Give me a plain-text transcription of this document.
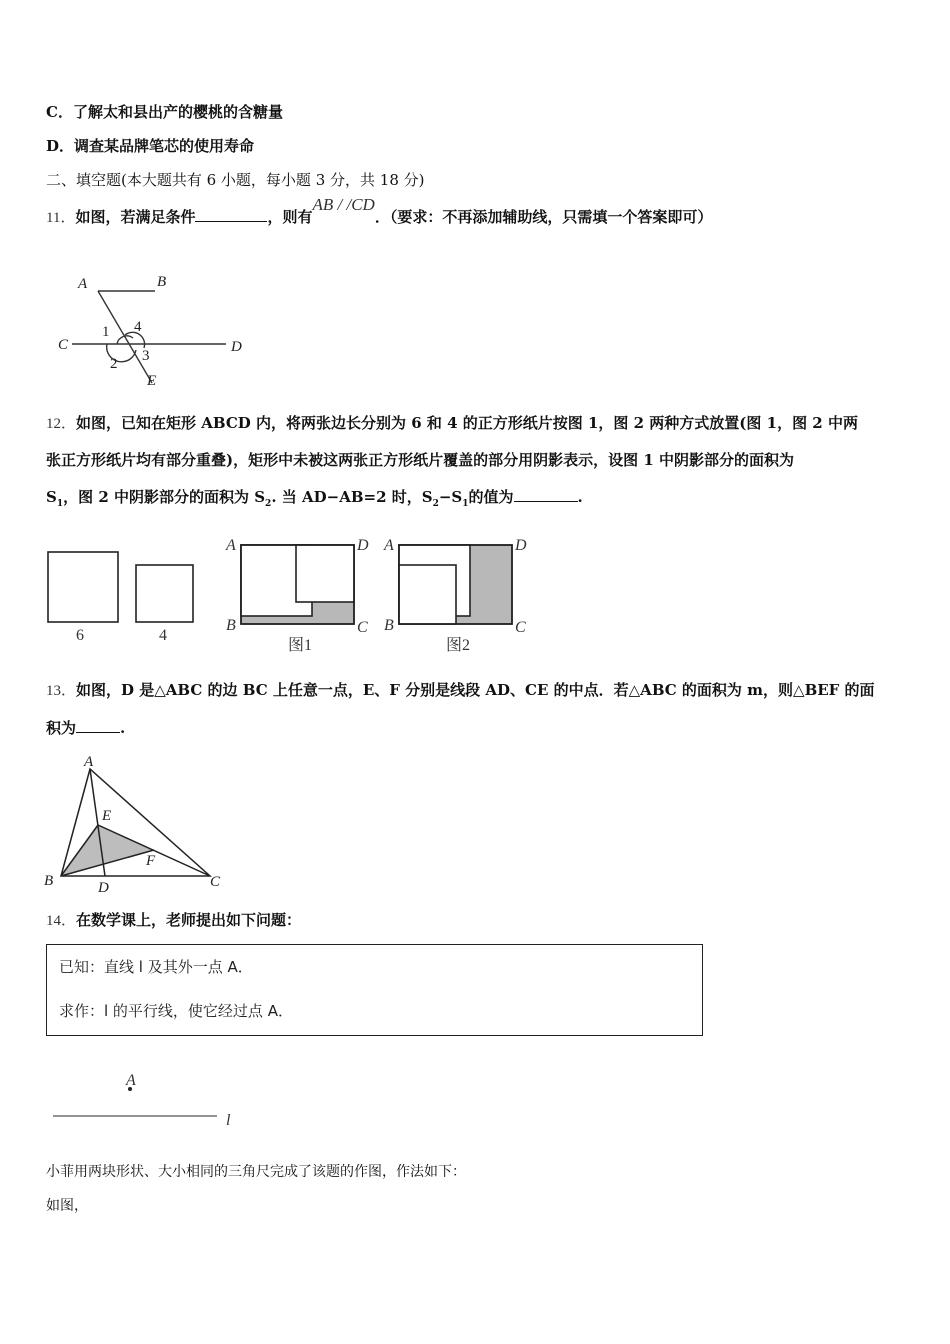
C．了解太和县出产的樱桃的含糖量
D．调查某品牌笔芯的使用寿命
二、填空题(本大题共有 6 小题，每小题 3 分，共 18 分)
11．如图，若满足条件	，则有AB / /CD．（要求：不再添加辅助线，只需填一个答案即可）
A	B
C	D
E
1 4
2 3
12．如图，已知在矩形 ABCD 内，将两张边长分别为 6 和 4 的正方形纸片按图 1，图 2 两种方式放置(图 1，图 2 中两
张正方形纸片均有部分重叠)，矩形中未被这两张正方形纸片覆盖的部分用阴影表示，设图 1 中阴影部分的面积为
$S_1$，图 2 中阴影部分的面积为 $S_2$. 当 AD−AB=2 时，$S_2-S_1$的值为	.
6	4
A	D
B	C
A	D
B	C
图1	图2
13．如图，D 是△ABC 的边 BC 上任意一点，E、F 分别是线段 AD、CE 的中点．若△ABC 的面积为 m，则△BEF 的面
积为	.
A
E
F
B	D	C
14．在数学课上，老师提出如下问题：
已知：直线 l 及其外一点 A．
求作：l 的平行线，使它经过点 A．
A
l
小菲用两块形状、大小相同的三角尺完成了该题的作图，作法如下：
如图，
